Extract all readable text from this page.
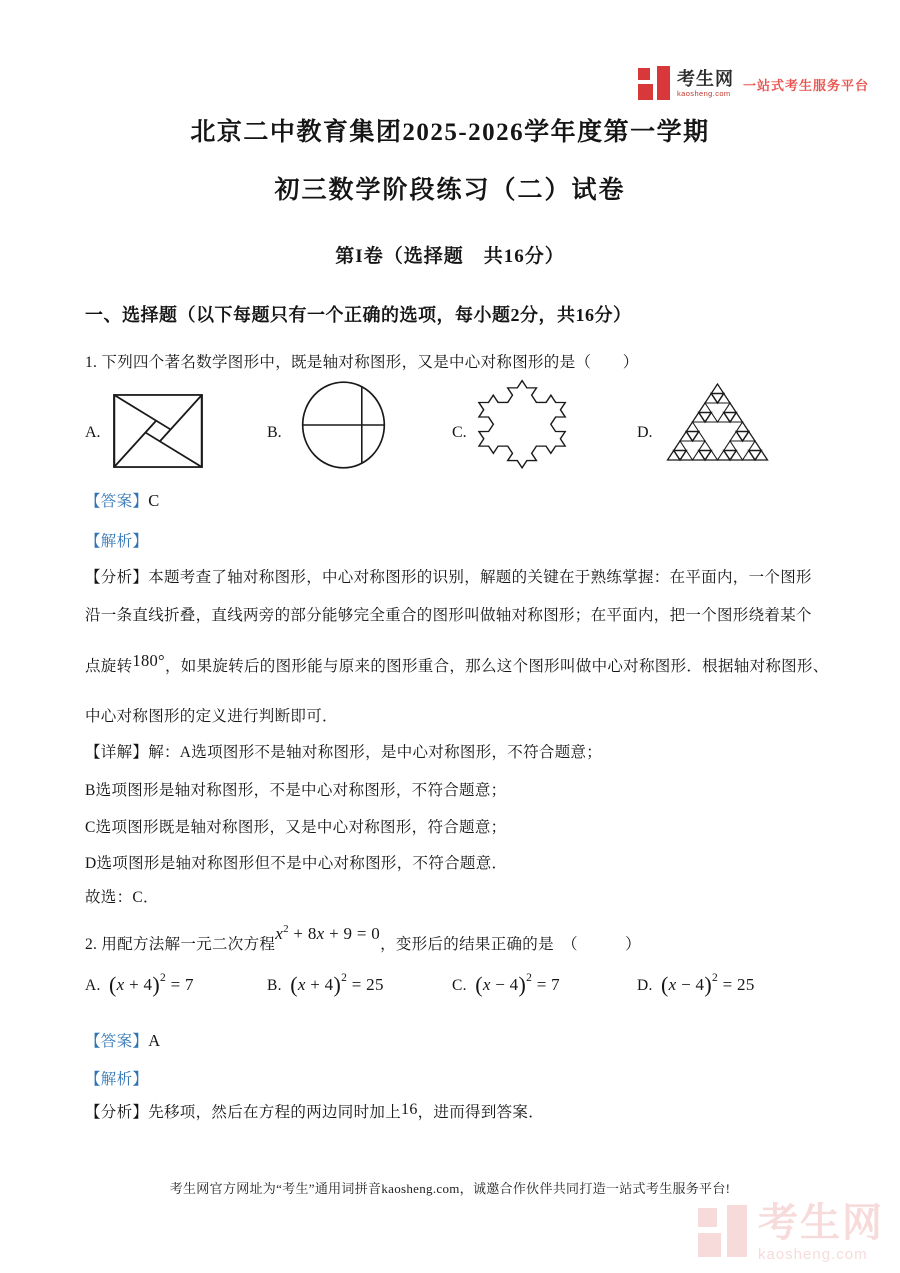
考生网
kaosheng.com
一站式考生服务平台
北京二中教育集团2025-2026学年度第一学期
初三数学阶段练习（二）试卷
第I卷（选择题　共16分）
一、选择题（以下每题只有一个正确的选项，每小题2分，共16分）
1. 下列四个著名数学图形中，既是轴对称图形，又是中心对称图形的是（　　）
A.	B.	C.	D.
【答案】C
【解析】
【分析】本题考查了轴对称图形，中心对称图形的识别，解题的关键在于熟练掌握：在平面内，一个图形
沿一条直线折叠，直线两旁的部分能够完全重合的图形叫做轴对称图形；在平面内，把一个图形绕着某个
点旋转180°，如果旋转后的图形能与原来的图形重合，那么这个图形叫做中心对称图形．根据轴对称图形、
中心对称图形的定义进行判断即可．
【详解】解：A选项图形不是轴对称图形，是中心对称图形，不符合题意；
B选项图形是轴对称图形，不是中心对称图形，不符合题意；
C选项图形既是轴对称图形，又是中心对称图形，符合题意；
D选项图形是轴对称图形但不是中心对称图形，不符合题意．
故选：C．
2. 用配方法解一元二次方程$x^2 + 8x + 9 = 0$，变形后的结果正确的是　（　　　）
A. $(x + 4)^2 = 7$	B. $(x + 4)^2 = 25$	C. $(x - 4)^2 = 7$	D. $(x - 4)^2 = 25$
【答案】A
【解析】
【分析】先移项，然后在方程的两边同时加上16，进而得到答案．
考生网官方网址为“考生”通用词拼音kaosheng.com，诚邀合作伙伴共同打造一站式考生服务平台!
考生网
kaosheng.com
